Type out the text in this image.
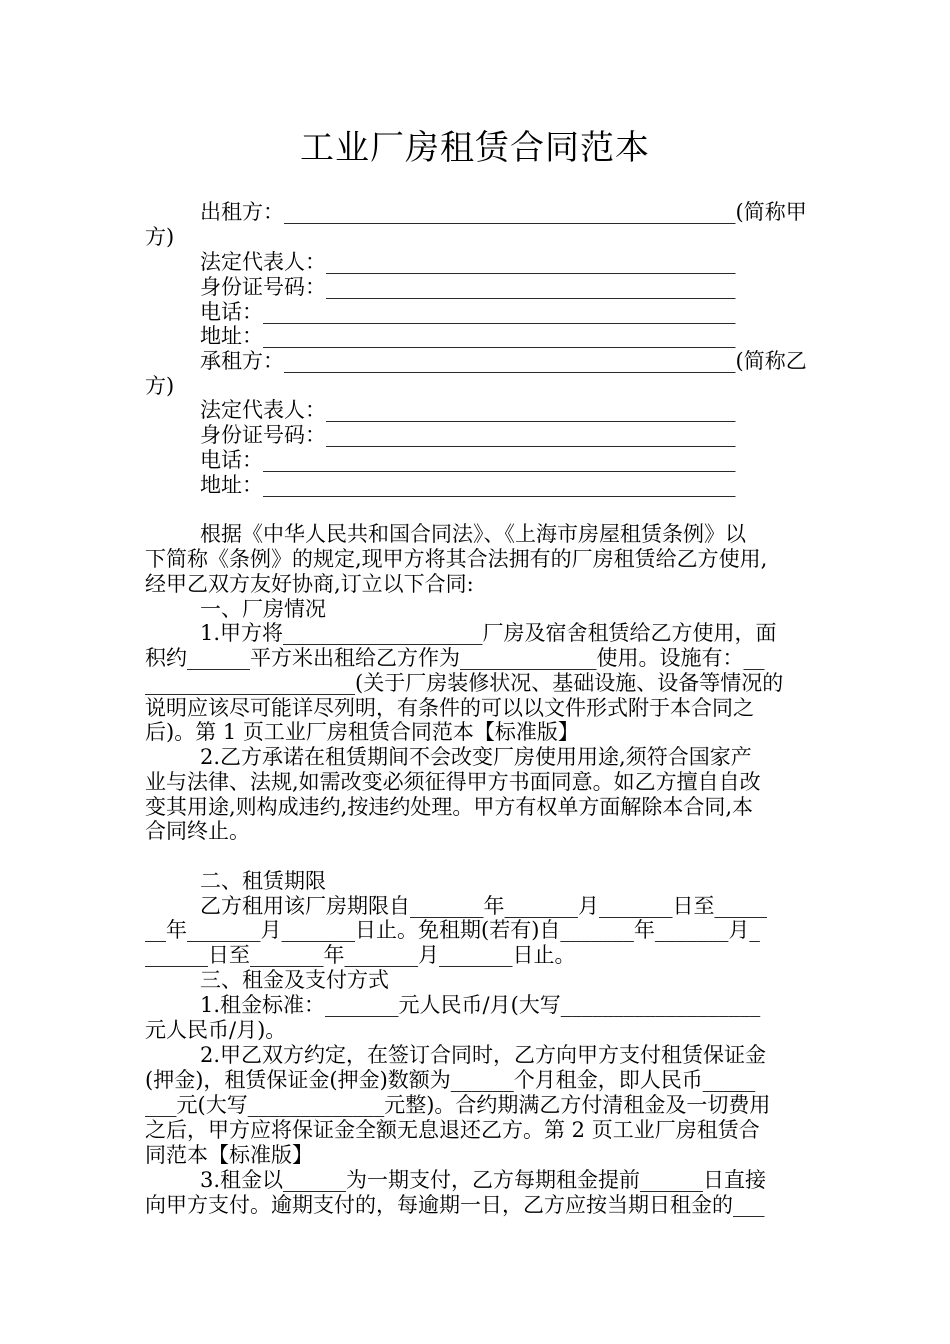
工业厂房租赁合同范本
出租方：___________________________________________(简称甲
方)
法定代表人：_______________________________________
身份证号码：_______________________________________
电话：_____________________________________________
地址：_____________________________________________
承租方：___________________________________________(简称乙
方)
法定代表人：_______________________________________
身份证号码：_______________________________________
电话：_____________________________________________
地址：_____________________________________________
根据《中华人民共和国合同法》、《上海市房屋租赁条例》以
下简称《条例》的规定,现甲方将其合法拥有的厂房租赁给乙方使用,
经甲乙双方友好协商,订立以下合同:
一、厂房情况
1.甲方将___________________厂房及宿舍租赁给乙方使用，面
积约______平方米出租给乙方作为_____________使用。设施有：__
____________________(关于厂房装修状况、基础设施、设备等情况的
说明应该尽可能详尽列明，有条件的可以以文件形式附于本合同之
后)。第 1 页工业厂房租赁合同范本【标准版】
2.乙方承诺在租赁期间不会改变厂房使用用途,须符合国家产
业与法律、法规,如需改变必须征得甲方书面同意。如乙方擅自自改
变其用途,则构成违约,按违约处理。甲方有权单方面解除本合同,本
合同终止。
二、租赁期限
乙方租用该厂房期限自_______年_______月_______日至_____
__年_______月_______日止。免租期(若有)自_______年_______月_
______日至_______年_______月_______日止。
三、租金及支付方式
1.租金标准：_______元人民币/月(大写___________________
元人民币/月)。
2.甲乙双方约定，在签订合同时，乙方向甲方支付租赁保证金
(押金)，租赁保证金(押金)数额为______个月租金，即人民币_____
___元(大写_____________元整)。合约期满乙方付清租金及一切费用
之后，甲方应将保证金全额无息退还乙方。第 2 页工业厂房租赁合
同范本【标准版】
3.租金以______为一期支付，乙方每期租金提前______日直接
向甲方支付。逾期支付的，每逾期一日，乙方应按当期日租金的___
